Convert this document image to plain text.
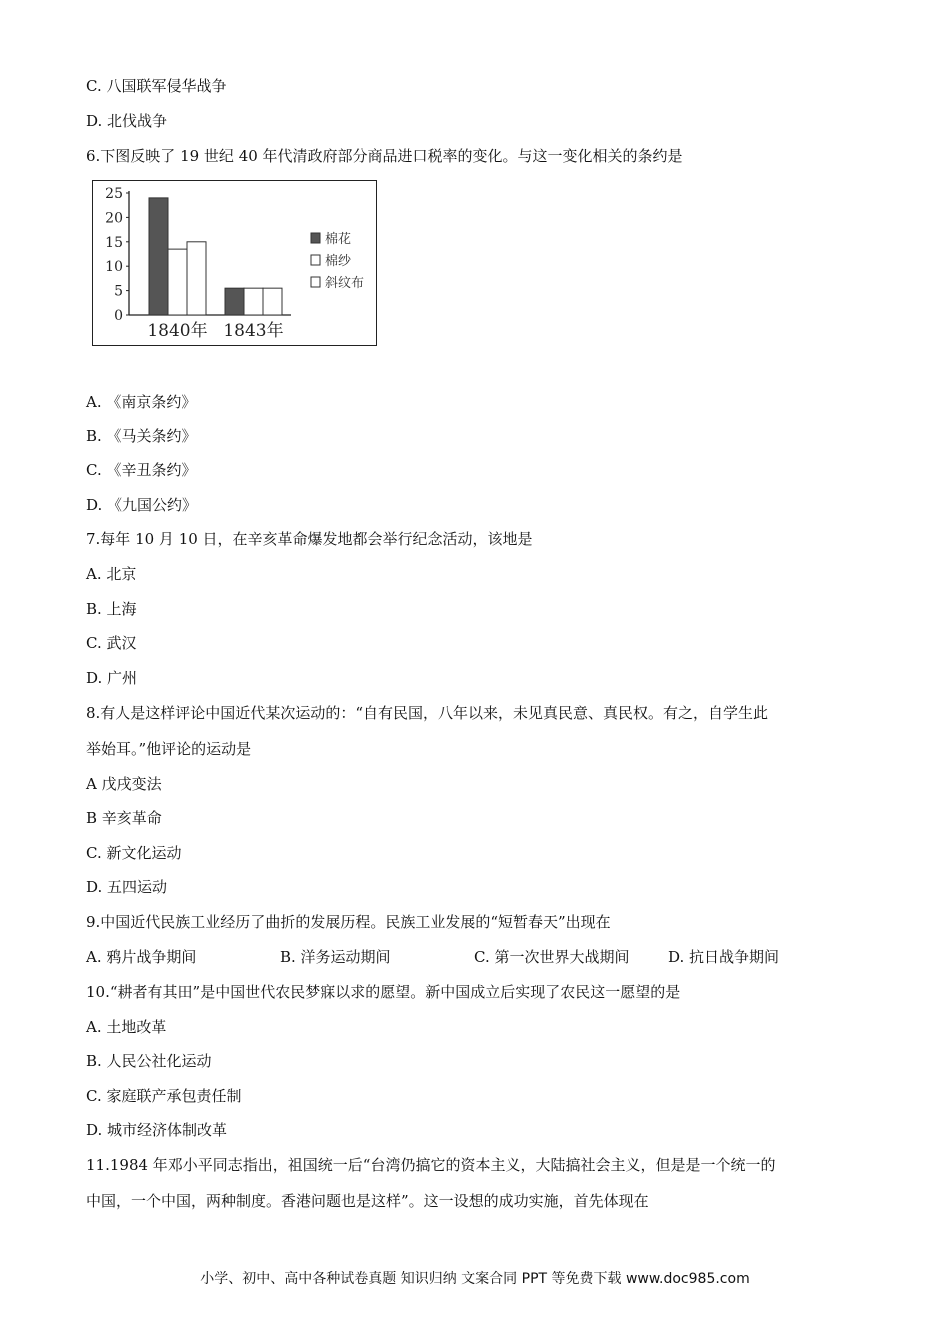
C. 八国联军侵华战争
D. 北伐战争
6.下图反映了 19 世纪 40 年代清政府部分商品进口税率的变化。与这一变化相关的条约是
0
5
10
15
20
25
1840年 1843年
棉花
棉纱
斜纹布
A. 《南京条约》
B. 《马关条约》
C. 《辛丑条约》
D. 《九国公约》
7.每年 10 月 10 日，在辛亥革命爆发地都会举行纪念活动，该地是
A. 北京
B. 上海
C. 武汉
D. 广州
8.有人是这样评论中国近代某次运动的：“自有民国，八年以来，未见真民意、真民权。有之，自学生此
举始耳。”他评论的运动是
A 戊戌变法
B 辛亥革命
C. 新文化运动
D. 五四运动
9.中国近代民族工业经历了曲折的发展历程。民族工业发展的“短暂春天”出现在
A. 鸦片战争期间	B. 洋务运动期间	C. 第一次世界大战期间	D. 抗日战争期间
10.“耕者有其田”是中国世代农民梦寐以求的愿望。新中国成立后实现了农民这一愿望的是
A. 土地改革
B. 人民公社化运动
C. 家庭联产承包责任制
D. 城市经济体制改革
11.1984 年邓小平同志指出，祖国统一后“台湾仍搞它的资本主义，大陆搞社会主义，但是是一个统一的
中国，一个中国，两种制度。香港问题也是这样”。这一设想的成功实施，首先体现在
小学、初中、高中各种试卷真题 知识归纳 文案合同 PPT 等免费下载 www.doc985.com
